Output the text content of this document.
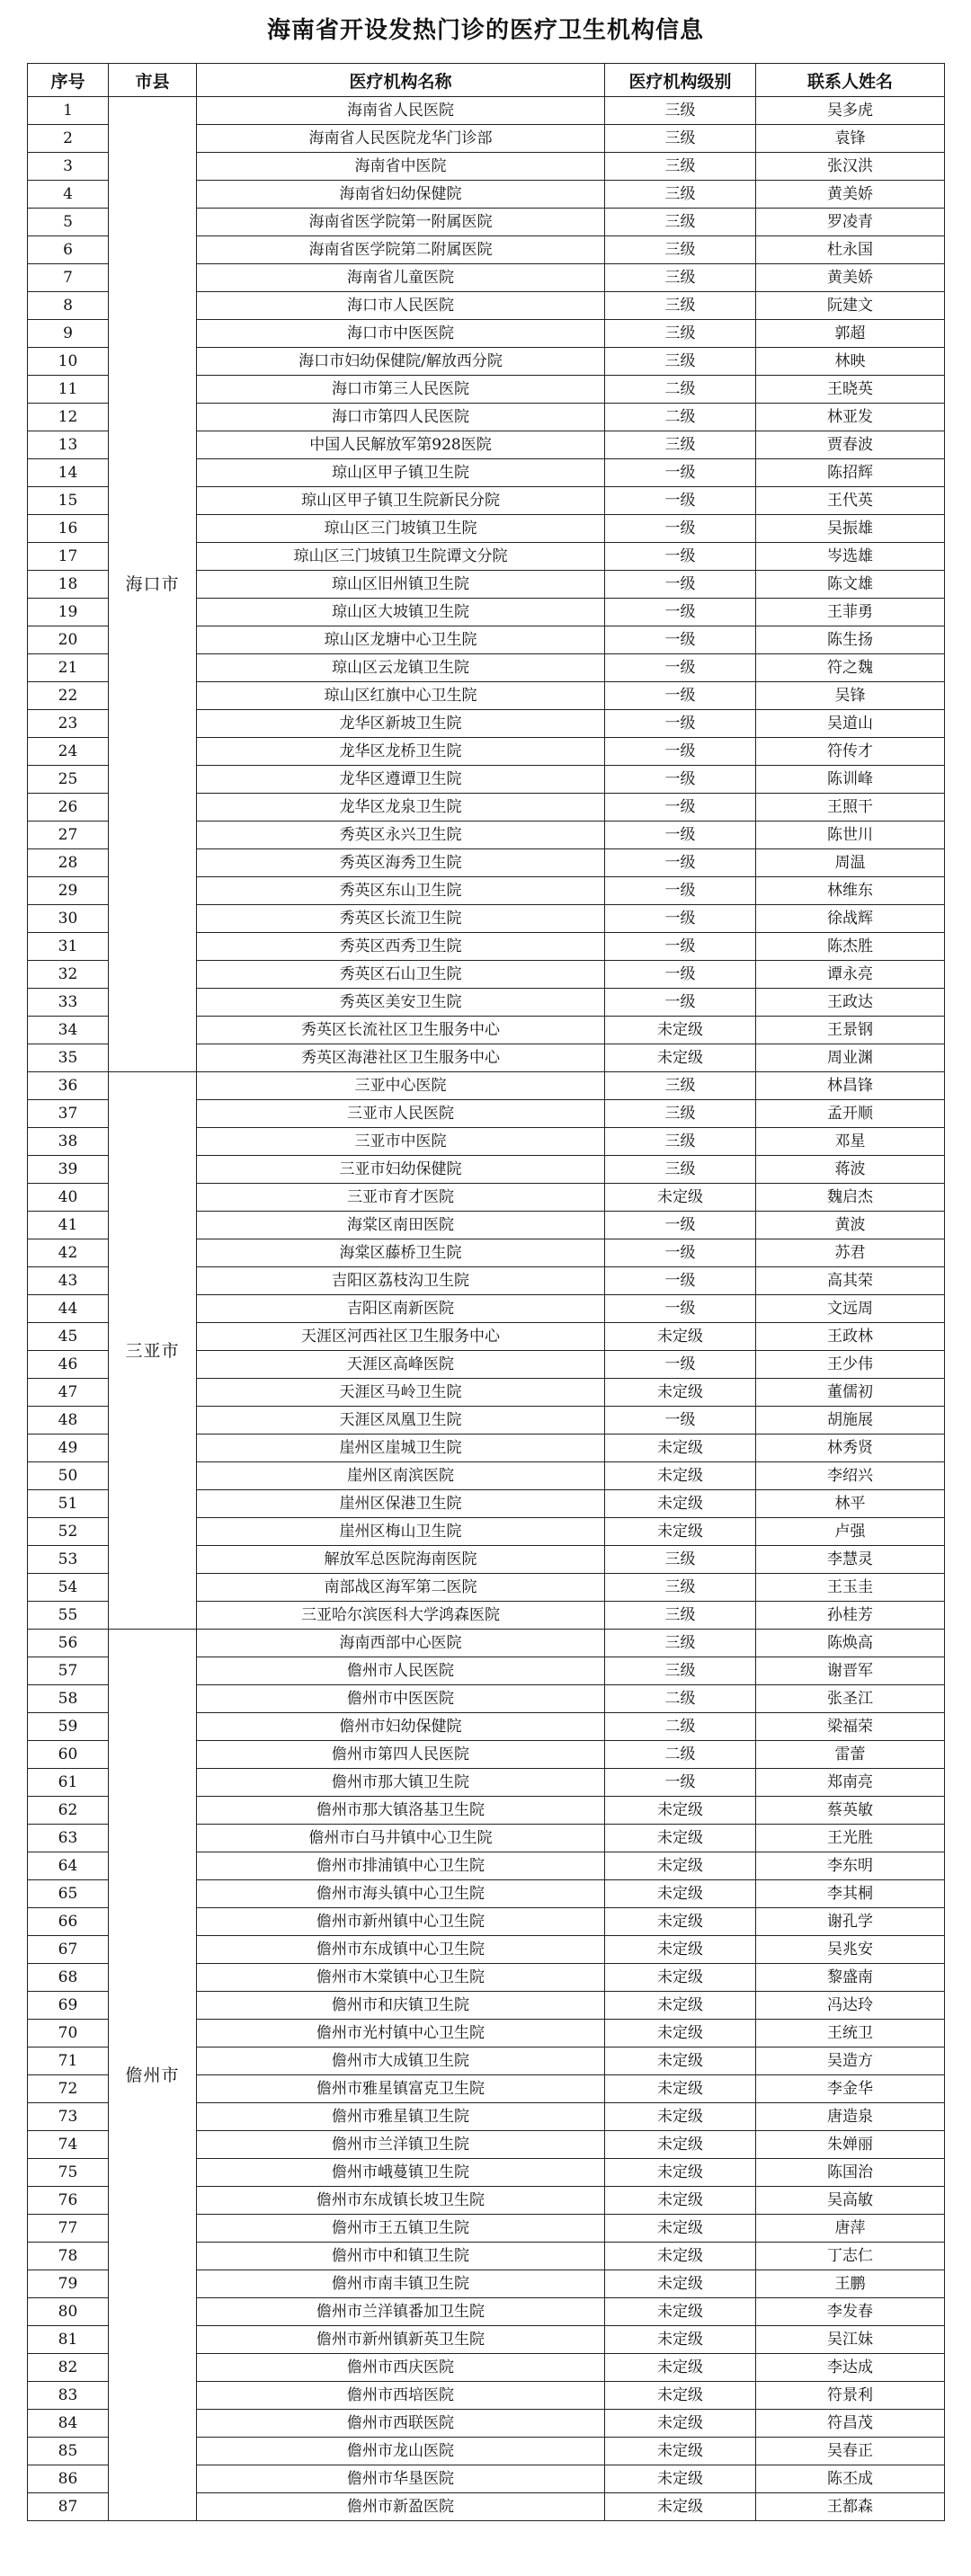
海南省开设发热门诊的医疗卫生机构信息
序号	市县	医疗机构名称	医疗机构级别	联系人姓名
1	海口市	海南省人民医院	三级	吴多虎
2		海南省人民医院龙华门诊部	三级	袁锋
3		海南省中医院	三级	张汉洪
4		海南省妇幼保健院	三级	黄美娇
5		海南省医学院第一附属医院	三级	罗凌青
6		海南省医学院第二附属医院	三级	杜永国
7		海南省儿童医院	三级	黄美娇
8		海口市人民医院	三级	阮建文
9		海口市中医医院	三级	郭超
10		海口市妇幼保健院/解放西分院	三级	林映
11		海口市第三人民医院	二级	王晓英
12		海口市第四人民医院	二级	林亚发
13		中国人民解放军第928医院	三级	贾春波
14		琼山区甲子镇卫生院	一级	陈招辉
15		琼山区甲子镇卫生院新民分院	一级	王代英
16		琼山区三门坡镇卫生院	一级	吴振雄
17		琼山区三门坡镇卫生院谭文分院	一级	岑选雄
18		琼山区旧州镇卫生院	一级	陈文雄
19		琼山区大坡镇卫生院	一级	王菲勇
20		琼山区龙塘中心卫生院	一级	陈生扬
21		琼山区云龙镇卫生院	一级	符之魏
22		琼山区红旗中心卫生院	一级	吴锋
23		龙华区新坡卫生院	一级	吴道山
24		龙华区龙桥卫生院	一级	符传才
25		龙华区遵谭卫生院	一级	陈训峰
26		龙华区龙泉卫生院	一级	王照干
27		秀英区永兴卫生院	一级	陈世川
28		秀英区海秀卫生院	一级	周温
29		秀英区东山卫生院	一级	林维东
30		秀英区长流卫生院	一级	徐战辉
31		秀英区西秀卫生院	一级	陈杰胜
32		秀英区石山卫生院	一级	谭永亮
33		秀英区美安卫生院	一级	王政达
34		秀英区长流社区卫生服务中心	未定级	王景钢
35		秀英区海港社区卫生服务中心	未定级	周业渊
36	三亚市	三亚中心医院	三级	林昌锋
37		三亚市人民医院	三级	孟开顺
38		三亚市中医院	三级	邓星
39		三亚市妇幼保健院	三级	蒋波
40		三亚市育才医院	未定级	魏启杰
41		海棠区南田医院	一级	黄波
42		海棠区藤桥卫生院	一级	苏君
43		吉阳区荔枝沟卫生院	一级	高其荣
44		吉阳区南新医院	一级	文远周
45		天涯区河西社区卫生服务中心	未定级	王政林
46		天涯区高峰医院	一级	王少伟
47		天涯区马岭卫生院	未定级	董儒初
48		天涯区凤凰卫生院	一级	胡施展
49		崖州区崖城卫生院	未定级	林秀贤
50		崖州区南滨医院	未定级	李绍兴
51		崖州区保港卫生院	未定级	林平
52		崖州区梅山卫生院	未定级	卢强
53		解放军总医院海南医院	三级	李慧灵
54		南部战区海军第二医院	三级	王玉圭
55		三亚哈尔滨医科大学鸿森医院	三级	孙桂芳
56	儋州市	海南西部中心医院	三级	陈焕高
57		儋州市人民医院	三级	谢晋军
58		儋州市中医医院	二级	张圣江
59		儋州市妇幼保健院	二级	梁福荣
60		儋州市第四人民医院	二级	雷蕾
61		儋州市那大镇卫生院	一级	郑南亮
62		儋州市那大镇洛基卫生院	未定级	蔡英敏
63		儋州市白马井镇中心卫生院	未定级	王光胜
64		儋州市排浦镇中心卫生院	未定级	李东明
65		儋州市海头镇中心卫生院	未定级	李其桐
66		儋州市新州镇中心卫生院	未定级	谢孔学
67		儋州市东成镇中心卫生院	未定级	吴兆安
68		儋州市木棠镇中心卫生院	未定级	黎盛南
69		儋州市和庆镇卫生院	未定级	冯达玲
70		儋州市光村镇中心卫生院	未定级	王统卫
71		儋州市大成镇卫生院	未定级	吴造方
72		儋州市雅星镇富克卫生院	未定级	李金华
73		儋州市雅星镇卫生院	未定级	唐造泉
74		儋州市兰洋镇卫生院	未定级	朱婵丽
75		儋州市峨蔓镇卫生院	未定级	陈国治
76		儋州市东成镇长坡卫生院	未定级	吴高敏
77		儋州市王五镇卫生院	未定级	唐萍
78		儋州市中和镇卫生院	未定级	丁志仁
79		儋州市南丰镇卫生院	未定级	王鹏
80		儋州市兰洋镇番加卫生院	未定级	李发春
81		儋州市新州镇新英卫生院	未定级	吴江妹
82		儋州市西庆医院	未定级	李达成
83		儋州市西培医院	未定级	符景利
84		儋州市西联医院	未定级	符昌茂
85		儋州市龙山医院	未定级	吴春正
86		儋州市华垦医院	未定级	陈丕成
87		儋州市新盈医院	未定级	王都森
